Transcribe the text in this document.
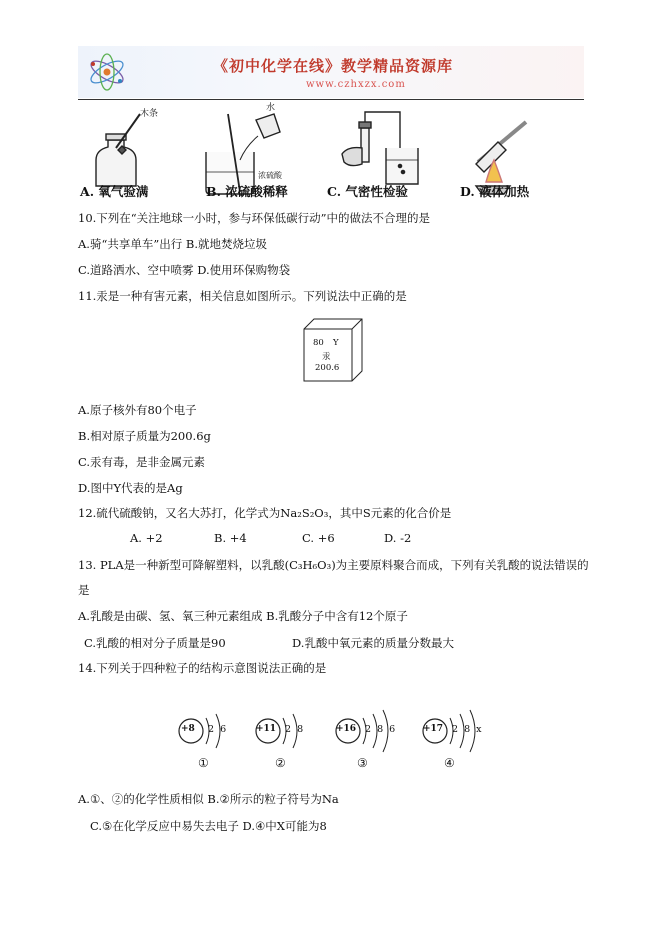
《初中化学在线》教学精品资源库
www.czhxzx.com
木条
水
浓硫酸
A. 氧气验满	B. 浓硫酸稀释	C. 气密性检验	D. 液体加热
10.下列在“关注地球一小时，参与环保低碳行动”中的做法不合理的是
A.骑“共享单车”出行 B.就地焚烧垃圾
C.道路洒水、空中喷雾 D.使用环保购物袋
11.汞是一种有害元素，相关信息如图所示。下列说法中正确的是
80 Y
汞
200.6
A.原子核外有80个电子
B.相对原子质量为200.6g
C.汞有毒，是非金属元素
D.图中Y代表的是Ag
12.硫代硫酸钠，又名大苏打，化学式为Na₂S₂O₃，其中S元素的化合价是
A. +2	B. +4	C. +6	D. -2
13. PLA是一种新型可降解塑料，以乳酸(C₃H₆O₃)为主要原料聚合而成，下列有关乳酸的说法错误的
是
A.乳酸是由碳、氢、氧三种元素组成 B.乳酸分子中含有12个原子
C.乳酸的相对分子质量是90	D.乳酸中氧元素的质量分数最大
14.下列关于四种粒子的结构示意图说法正确的是
+8 2  6
①
+11 2  8
②
+16 2  8  6
③
+17 2  8  x
④
A.①、②的化学性质相似 B.②所示的粒子符号为Na
C.⑤在化学反应中易失去电子 D.④中X可能为8
